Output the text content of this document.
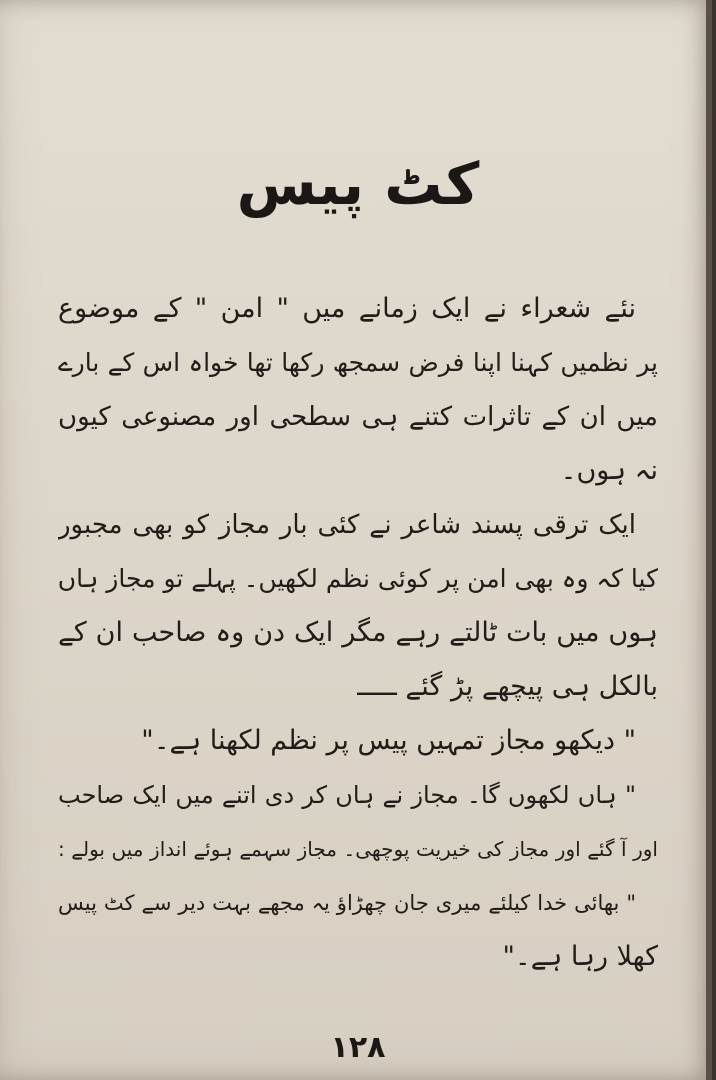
کٹ پیس
نئے شعراء نے ایک زمانے میں " امن " کے موضوع
پر نظمیں کہنا اپنا فرض سمجھ رکھا تھا خواہ اس کے بارے
میں ان کے تاثرات کتنے ہی سطحی اور مصنوعی کیوں
نہ ہوں۔
ایک ترقی پسند شاعر نے کئی بار مجاز کو بھی مجبور
کیا کہ وہ بھی امن پر کوئی نظم لکھیں۔ پہلے تو مجاز ہاں
ہوں میں بات ٹالتے رہے مگر ایک دن وہ صاحب ان کے
بالکل ہی پیچھے پڑ گئے ـــــ
" دیکھو مجاز تمہیں پیس پر نظم لکھنا ہے۔"
" ہاں لکھوں گا۔ مجاز نے ہاں کر دی اتنے میں ایک صاحب
اور آ گئے اور مجاز کی خیریت پوچھی۔ مجاز سہمے ہوئے انداز میں بولے :
" بھائی خدا کیلئے میری جان چھڑاؤ یہ مجھے بہت دیر سے کٹ پیس
کھلا رہا ہے۔"
۱۲۸
